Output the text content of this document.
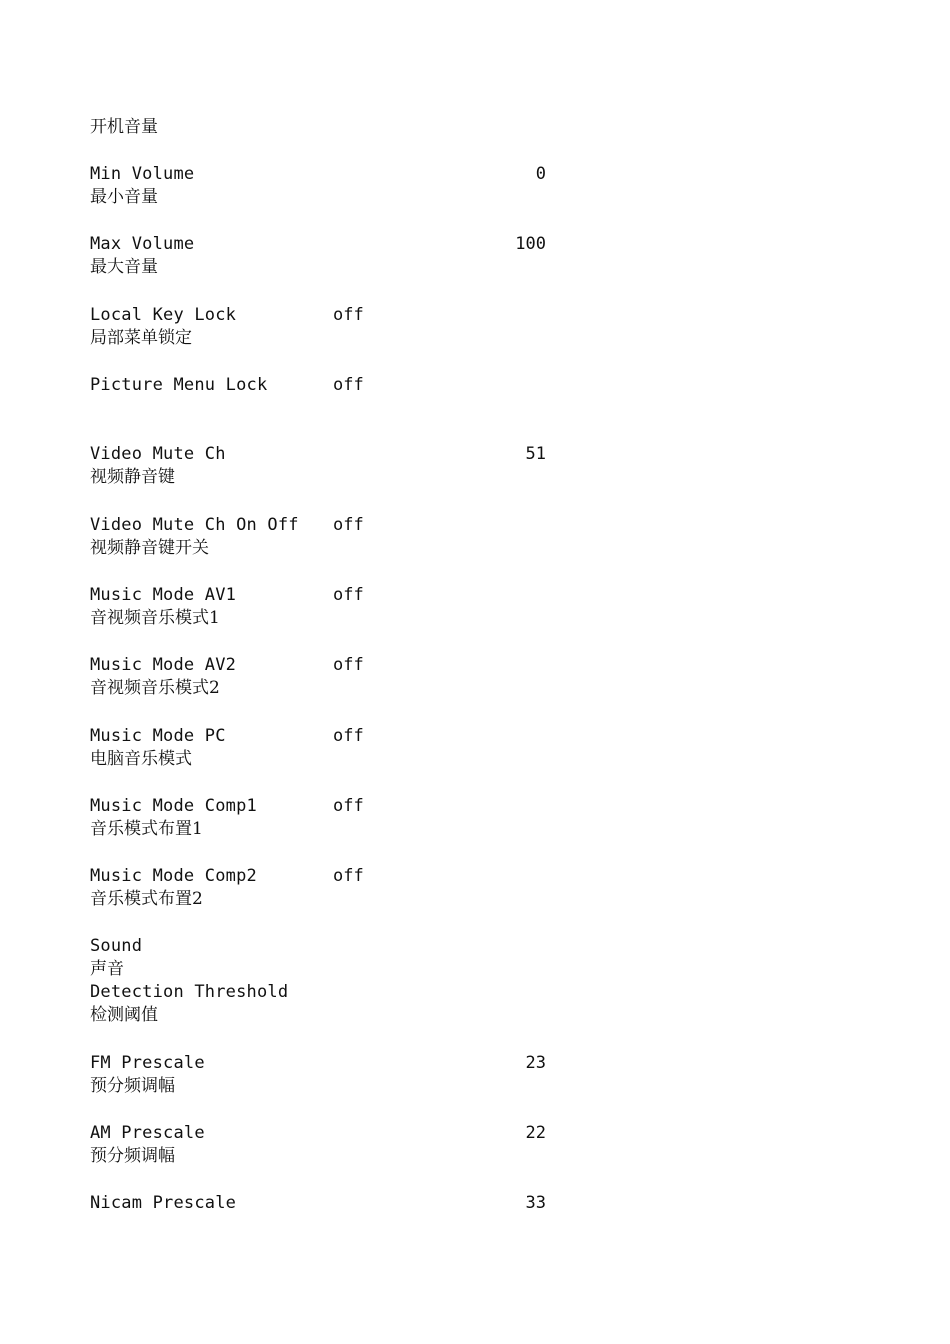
开机音量
Min Volume
最小音量
0
Max Volume
最大音量
100
Local Key Lock
局部菜单锁定
off
Picture Menu Lock	off
Video Mute Ch
视频静音键
51
Video Mute Ch On Off
视频静音键开关
off
Music Mode AV1
音视频音乐模式1
off
Music Mode AV2
音视频音乐模式2
off
Music Mode PC
电脑音乐模式
off
Music Mode Comp1
音乐模式布置1
off
Music Mode Comp2
音乐模式布置2
off
Sound
声音
Detection Threshold
检测阈值
FM Prescale
预分频调幅
23
AM Prescale
预分频调幅
22
Nicam Prescale	33
